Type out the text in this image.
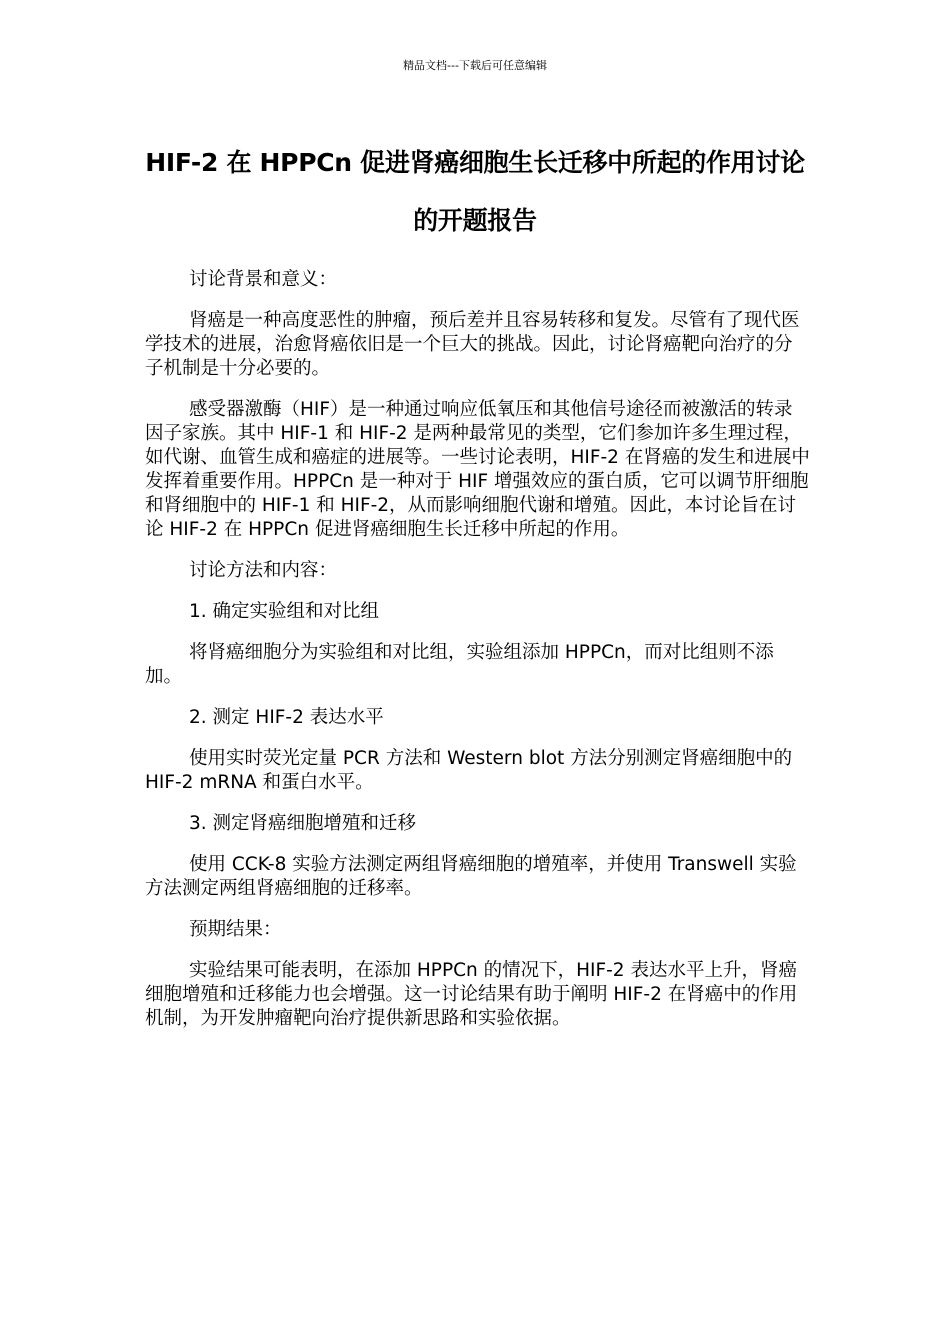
精品文档---下载后可任意编辑
HIF-2 在 HPPCn 促进肾癌细胞生长迁移中所起的作用讨论的开题报告

讨论背景和意义：

肾癌是一种高度恶性的肿瘤，预后差并且容易转移和复发。尽管有了现代医学技术的进展，治愈肾癌依旧是一个巨大的挑战。因此，讨论肾癌靶向治疗的分子机制是十分必要的。

感受器激酶（HIF）是一种通过响应低氧压和其他信号途径而被激活的转录因子家族。其中 HIF-1 和 HIF-2 是两种最常见的类型，它们参加许多生理过程，如代谢、血管生成和癌症的进展等。一些讨论表明，HIF-2 在肾癌的发生和进展中发挥着重要作用。HPPCn 是一种对于 HIF 增强效应的蛋白质，它可以调节肝细胞和肾细胞中的 HIF-1 和 HIF-2，从而影响细胞代谢和增殖。因此，本讨论旨在讨论 HIF-2 在 HPPCn 促进肾癌细胞生长迁移中所起的作用。

讨论方法和内容：

1. 确定实验组和对比组

将肾癌细胞分为实验组和对比组，实验组添加 HPPCn，而对比组则不添加。

2. 测定 HIF-2 表达水平

使用实时荧光定量 PCR 方法和 Western blot 方法分别测定肾癌细胞中的 HIF-2 mRNA 和蛋白水平。

3. 测定肾癌细胞增殖和迁移

使用 CCK-8 实验方法测定两组肾癌细胞的增殖率，并使用 Transwell 实验方法测定两组肾癌细胞的迁移率。

预期结果：

实验结果可能表明，在添加 HPPCn 的情况下，HIF-2 表达水平上升，肾癌细胞增殖和迁移能力也会增强。这一讨论结果有助于阐明 HIF-2 在肾癌中的作用机制，为开发肿瘤靶向治疗提供新思路和实验依据。
